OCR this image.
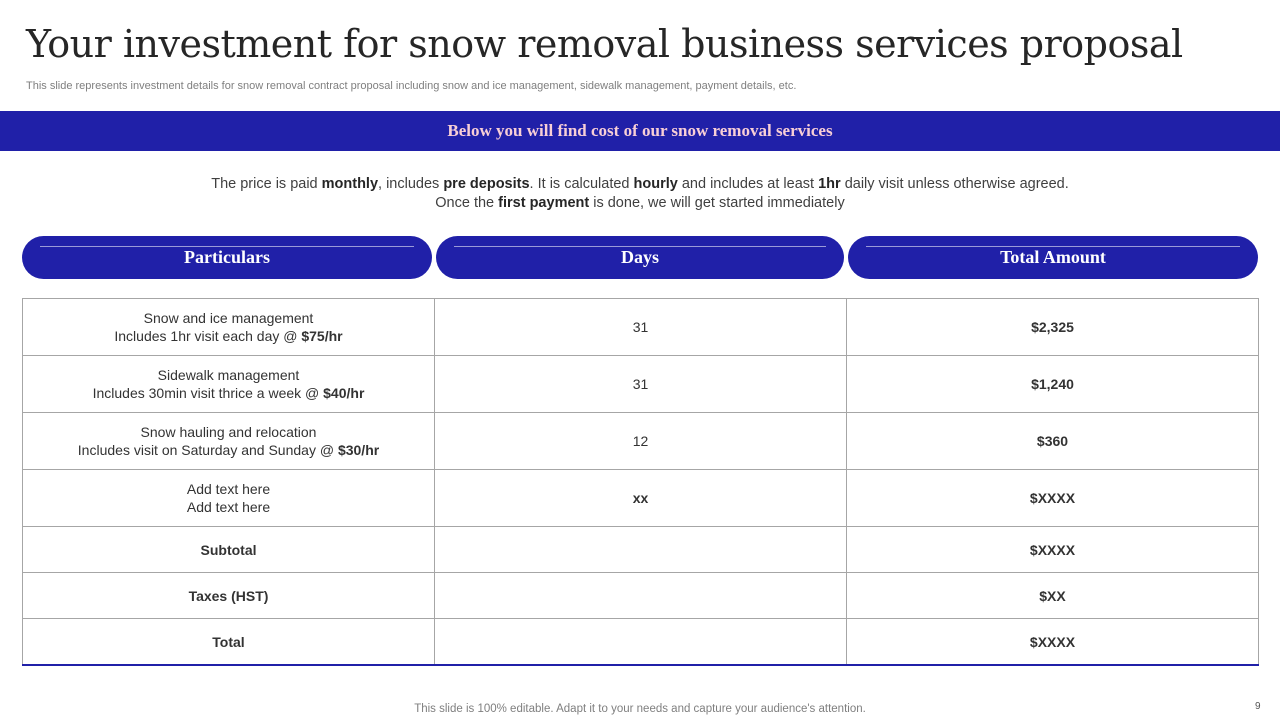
Your investment for snow removal business services proposal
This slide represents investment details for snow removal contract proposal including snow and ice management, sidewalk management, payment details, etc.
Below you will find cost of our snow removal services
The price is paid monthly, includes pre deposits. It is calculated hourly and includes at least 1hr daily visit unless otherwise agreed.
Once the first payment is done, we will get started immediately
Particulars	Days	Total Amount
Snow and ice management
Includes 1hr visit each day @ $75/hr	31	$2,325

Sidewalk management
Includes 30min visit thrice a week @ $40/hr	31	$1,240

Snow hauling and relocation
Includes visit on Saturday and Sunday @ $30/hr	12	$360

Add text here
Add text here	xx	$XXXX
Subtotal		$XXXX
Taxes (HST)		$XX
Total		$XXXX
This slide is 100% editable. Adapt it to your needs and capture your audience's attention.	9
